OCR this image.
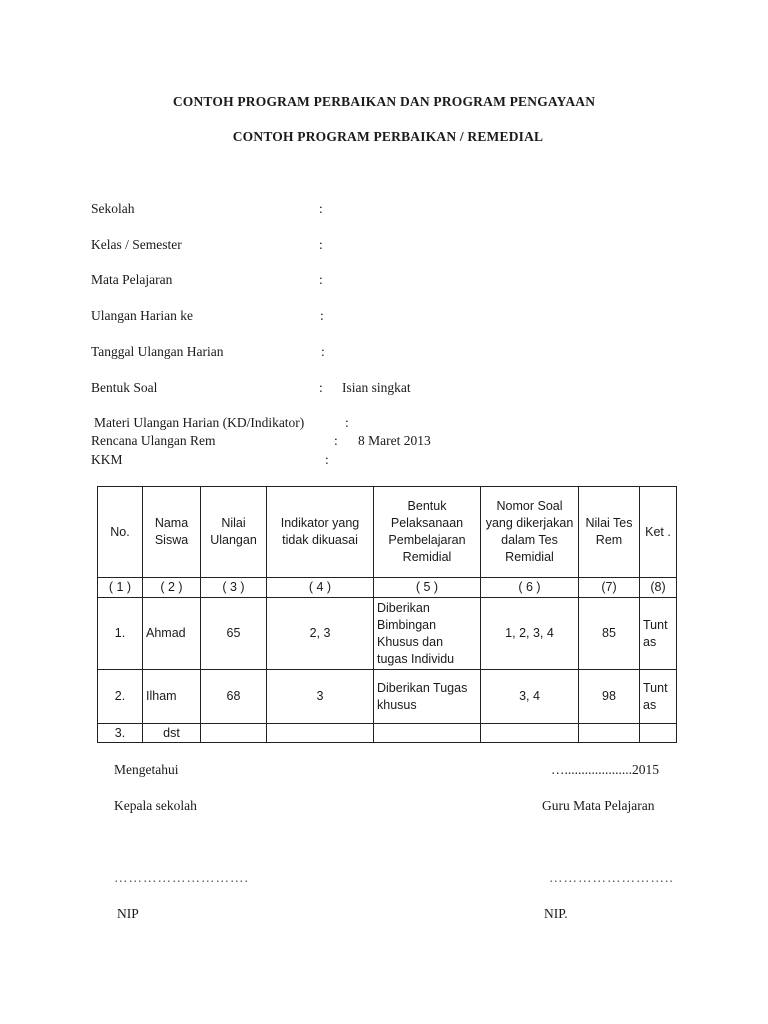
CONTOH PROGRAM PERBAIKAN DAN PROGRAM PENGAYAAN
CONTOH PROGRAM PERBAIKAN / REMEDIAL
Sekolah	:
Kelas / Semester	:
Mata Pelajaran	:
Ulangan Harian ke	:
Tanggal Ulangan Harian	:
Bentuk Soal	: Isian singkat
Materi Ulangan Harian (KD/Indikator)	:
Rencana Ulangan Rem	: 8 Maret 2013
KKM	:
No.	Nama Siswa	Nilai Ulangan	Indikator yang tidak dikuasai	Bentuk Pelaksanaan Pembelajaran Remidial	Nomor Soal yang dikerjakan dalam Tes Remidial	Nilai Tes Rem	Ket .
( 1 )	( 2 )	( 3 )	( 4 )	( 5 )	( 6 )	(7)	(8)
1.	Ahmad	65	2, 3	Diberikan Bimbingan Khusus dan tugas Individu	1, 2, 3, 4	85	Tuntas
2.	Ilham	68	3	Diberikan Tugas khusus	3, 4	98	Tuntas
3.	dst						
Mengetahui	…....................2015
Kepala sekolah	Guru Mata Pelajaran
……………………….	……………………..
NIP	NIP.
